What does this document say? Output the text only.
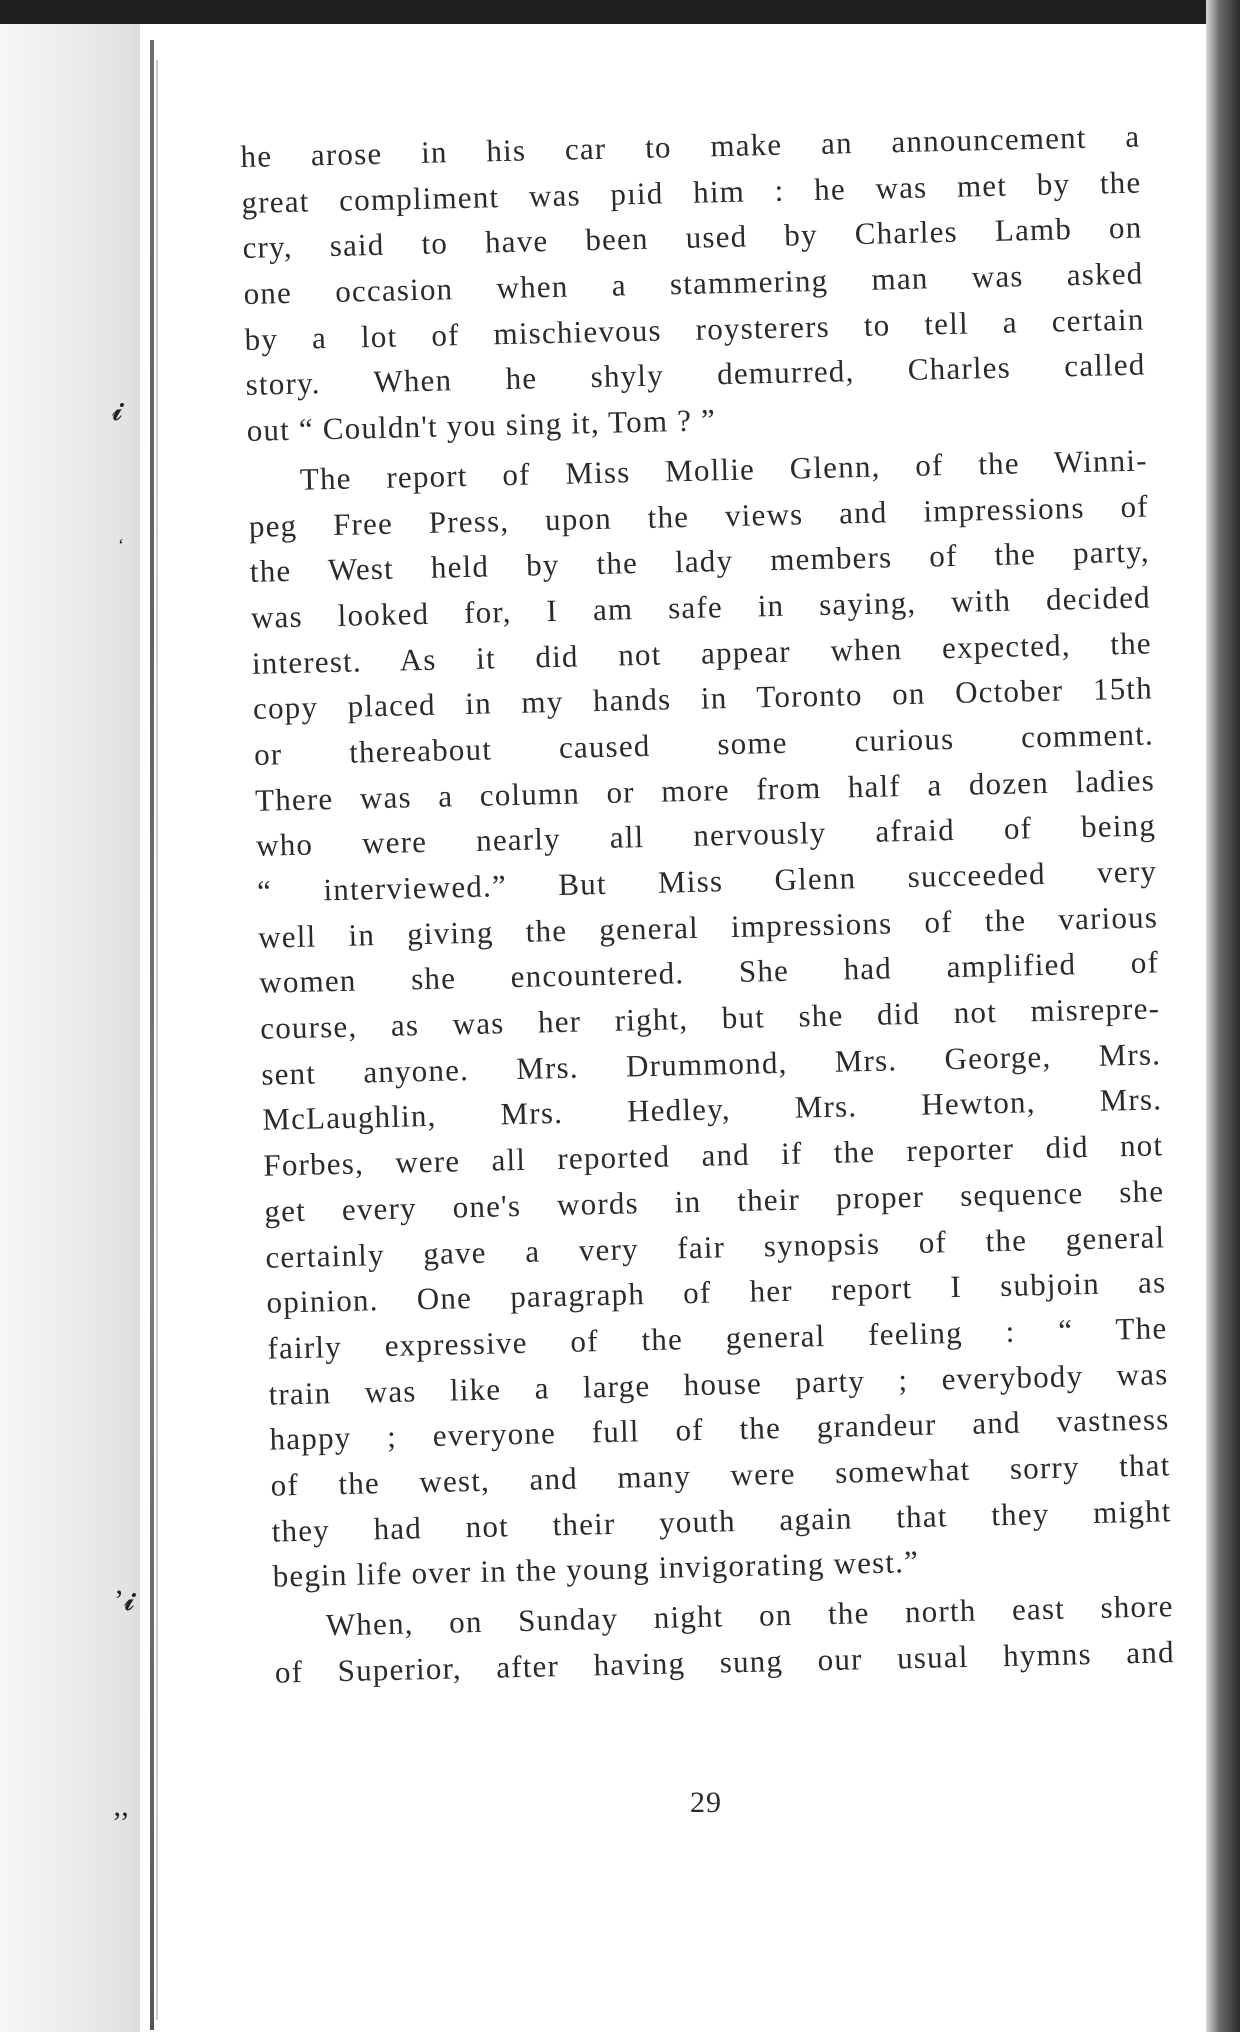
𝓲
‘
’𝓲
’’
he arose in his car to make an announcement a
great compliment was pıid him : he was met by the
cry, said to have been used by Charles Lamb on
one occasion when a stammering man was asked
by a lot of mischievous roysterers to tell a cеrtain
story. When he shyly demurred, Charles called
out “ Couldn't you sing it, Tom ? ”
The report of Miss Mollie Glenn, of the Winni-
peg Free Press, upon the views and impressions of
the West held by the lady members of the party,
was looked for, I am safe in saying, with decided
interest. As it did not appear when expected, the
copy placed in my hands in Toronto on October 15th
or thereabout caused some curious comment.
There was a column or more from half a dozen ladies
who were nearly all nervously afraid of being
“ interviewed.” But Miss Glenn succeeded very
well in giving the general impressions of the various
women she encountered. She had amplified of
course, as was her right, but she did not misrepre-
sent anyone. Mrs. Drummond, Mrs. George, Mrs.
McLaughlin, Mrs. Hedley, Mrs. Hewton, Mrs.
Forbes, were all reported and if the reporter did not
get every one's words in their proper sequence she
certainly gave a very fair synopsis of the general
opinion. One paragraph of her report I subjoin as
fairly expressive of the general feeling : “ The
train was like a large house party ; everybody was
happy ; everyone full of the grandeur and vastness
of the west, and many were somewhat sorry that
they had not their youth again that they might
begin life over in the young invigorating west.”
When, on Sunday night on the north east shore
of Superior, after having sung our usual hymns and
29
